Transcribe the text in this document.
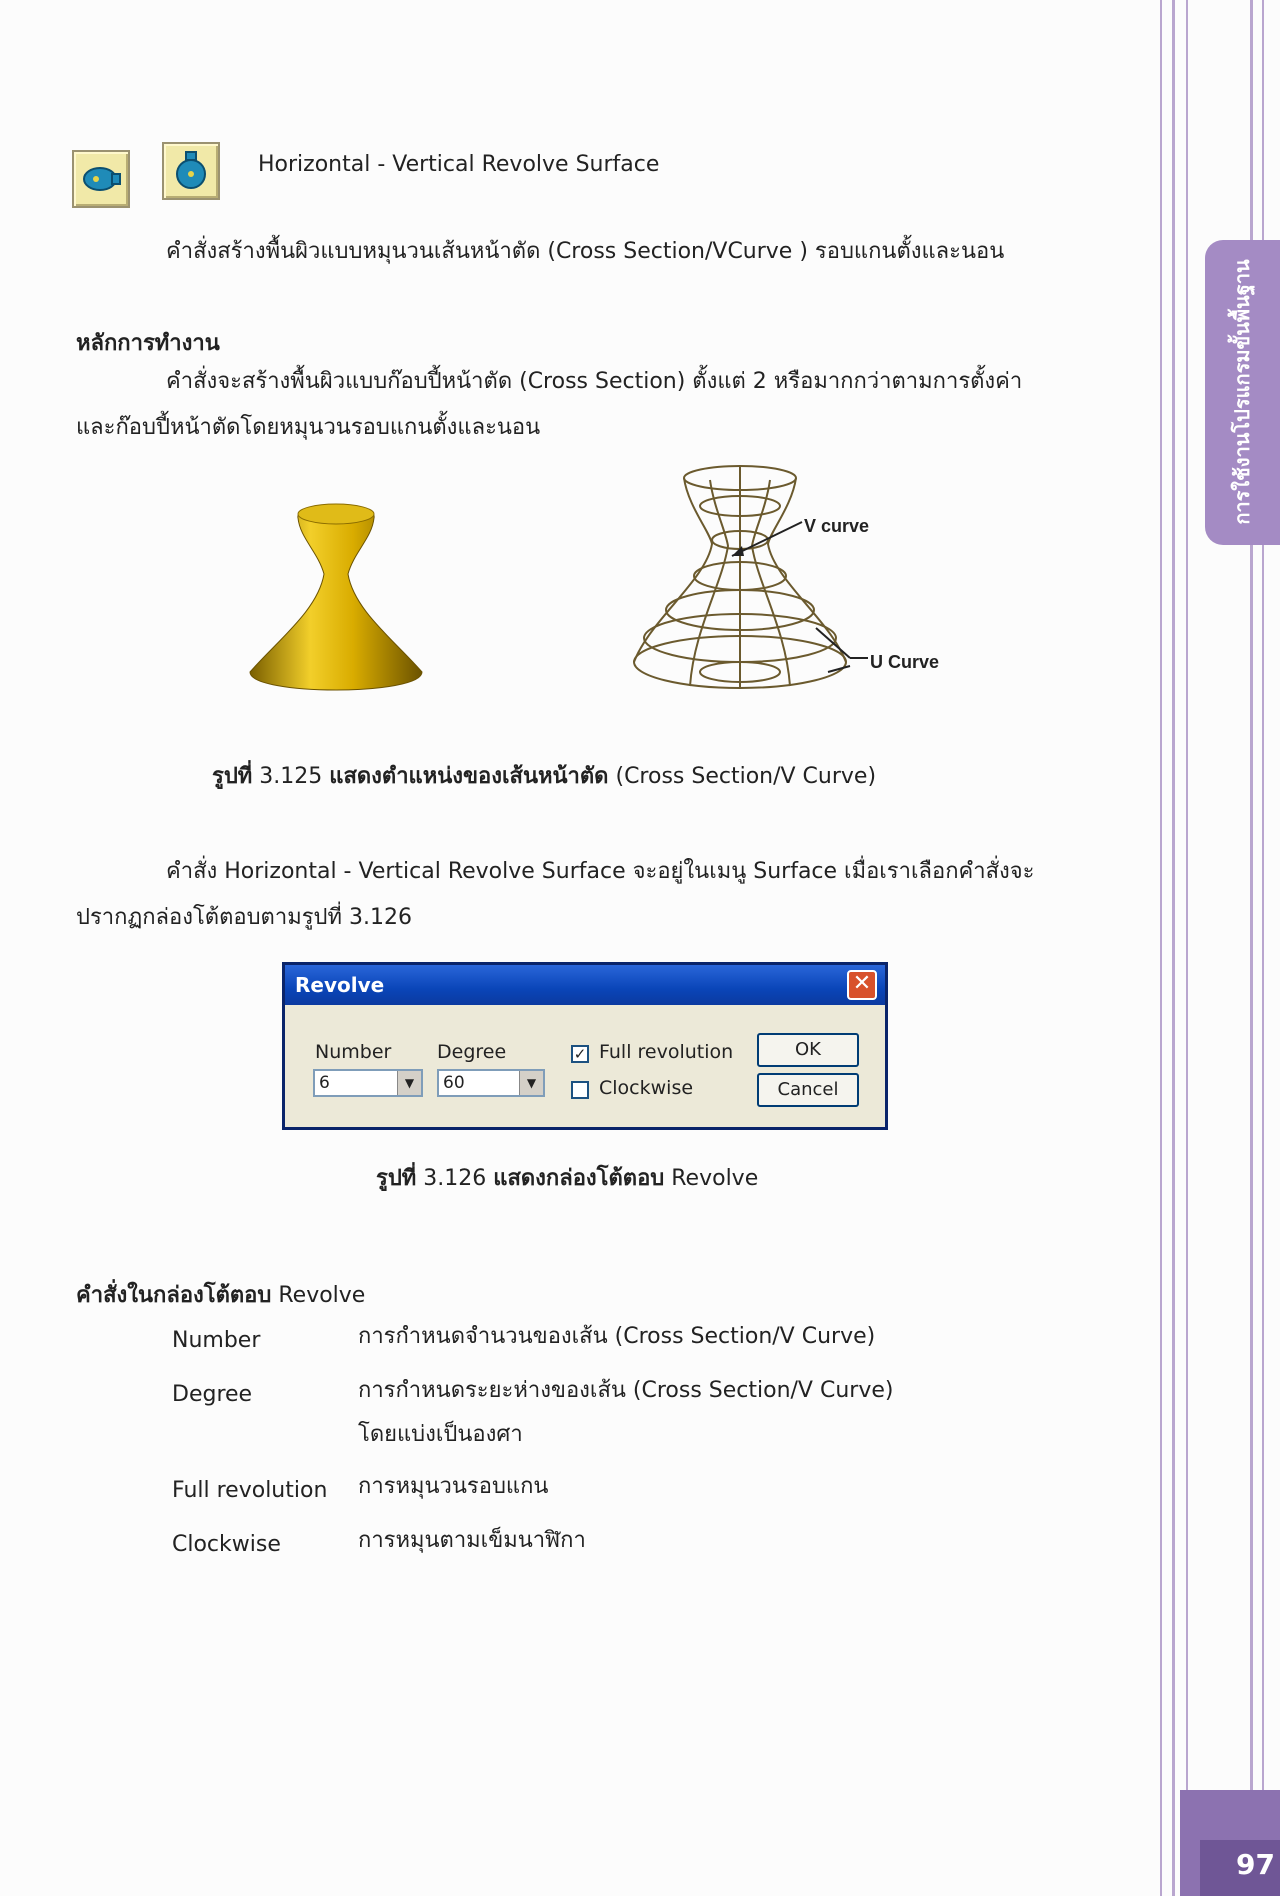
การใช้งานโปรแกรมขั้นพื้นฐาน
97
Horizontal - Vertical Revolve Surface
คำสั่งสร้างพื้นผิวแบบหมุนวนเส้นหน้าตัด (Cross Section/VCurve ) รอบแกนตั้งและนอน
หลักการทำงาน
คำสั่งจะสร้างพื้นผิวแบบก๊อบปี้หน้าตัด (Cross Section) ตั้งแต่ 2 หรือมากกว่าตามการตั้งค่า
และก๊อบปี้หน้าตัดโดยหมุนวนรอบแกนตั้งและนอน
V curve
U Curve
รูปที่ 3.125 แสดงตำแหน่งของเส้นหน้าตัด (Cross Section/V Curve)
คำสั่ง Horizontal - Vertical Revolve Surface จะอยู่ในเมนู Surface เมื่อเราเลือกคำสั่งจะ
ปรากฏกล่องโต้ตอบตามรูปที่ 3.126
Revolve	✕
Number
6	▼
Degree
60	▼
✓ Full revolution
Clockwise
OK
Cancel
รูปที่ 3.126 แสดงกล่องโต้ตอบ Revolve
คำสั่งในกล่องโต้ตอบ Revolve
Number	การกำหนดจำนวนของเส้น (Cross Section/V Curve)
Degree	การกำหนดระยะห่างของเส้น (Cross Section/V Curve)
โดยแบ่งเป็นองศา
Full revolution การหมุนวนรอบแกน
Clockwise	การหมุนตามเข็มนาฬิกา
